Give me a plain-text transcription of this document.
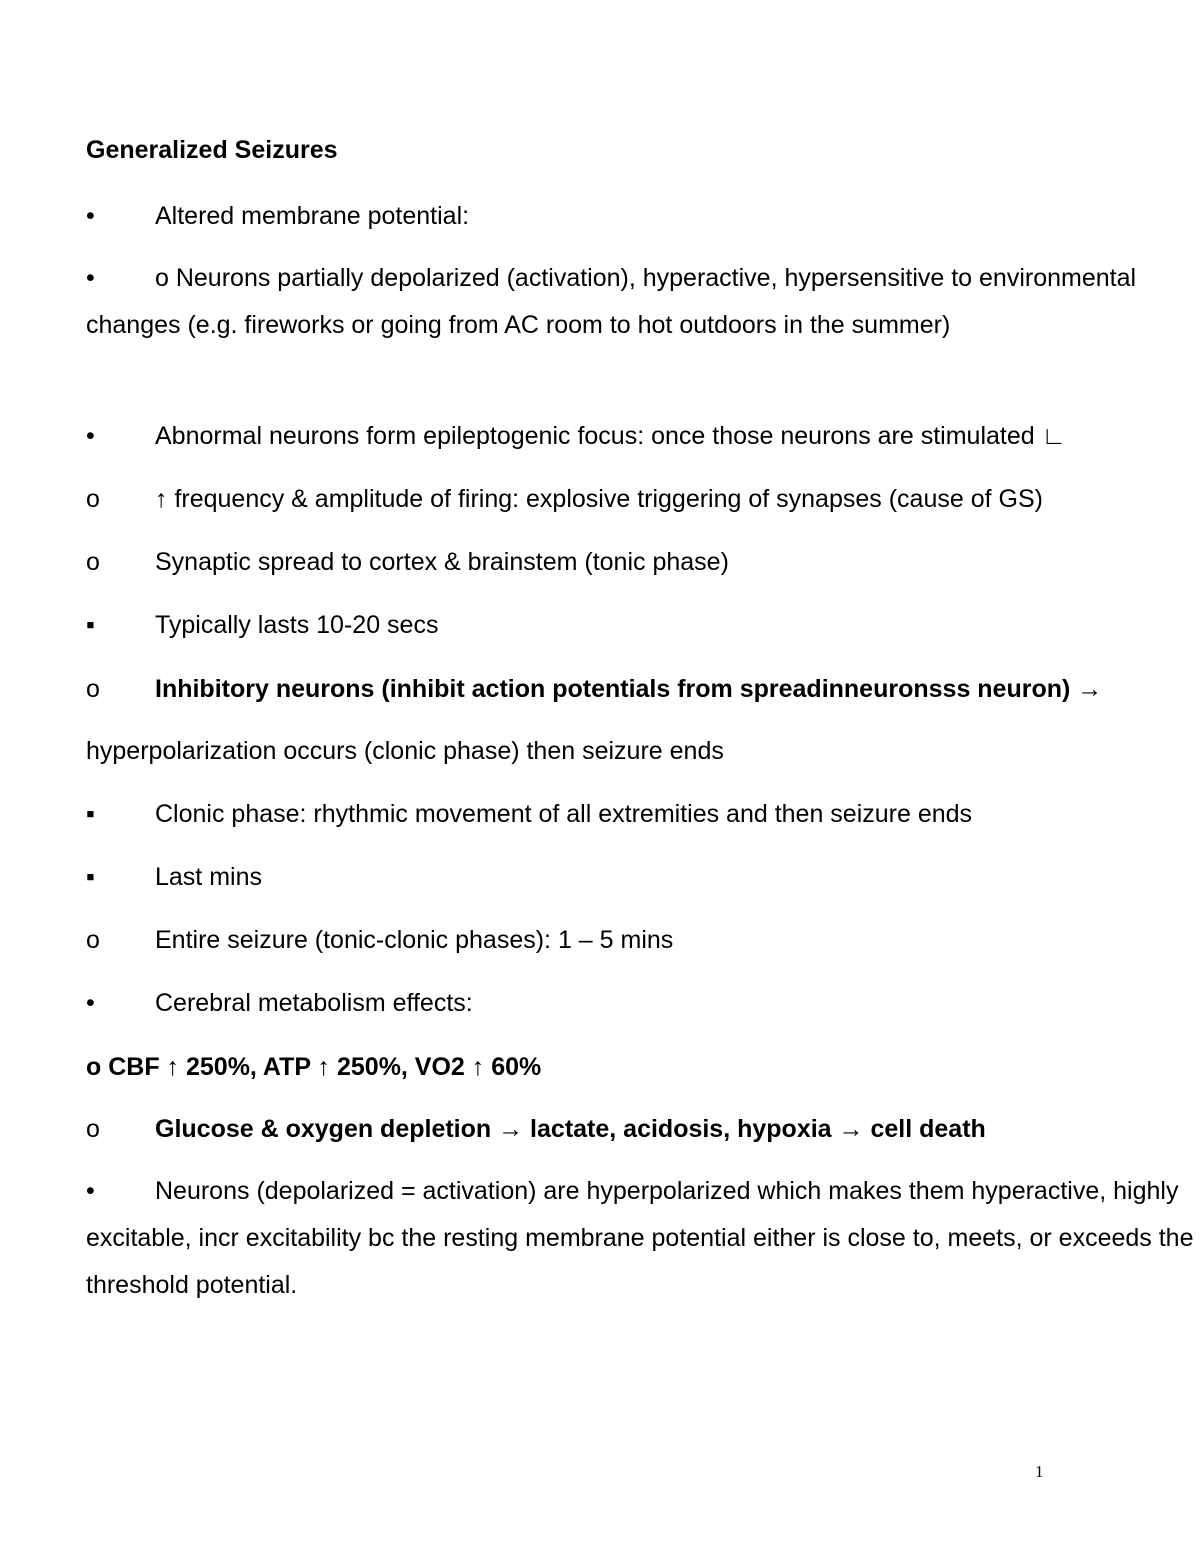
Generalized Seizures
• Altered membrane potential:
• o Neurons partially depolarized (activation), hyperactive, hypersensitive to environmental changes (e.g. fireworks or going from AC room to hot outdoors in the summer)
• Abnormal neurons form epileptogenic focus: once those neurons are stimulated ∟
o ↑ frequency & amplitude of firing: explosive triggering of synapses (cause of GS)
o Synaptic spread to cortex & brainstem (tonic phase)
▪ Typically lasts 10-20 secs
o Inhibitory neurons (inhibit action potentials from spreadinneuronsss neuron) →
hyperpolarization occurs (clonic phase) then seizure ends
▪ Clonic phase: rhythmic movement of all extremities and then seizure ends
▪ Last mins
o Entire seizure (tonic-clonic phases): 1 – 5 mins
• Cerebral metabolism effects:
o CBF ↑ 250%, ATP ↑ 250%, VO2 ↑ 60%
o Glucose & oxygen depletion → lactate, acidosis, hypoxia → cell death
• Neurons (depolarized = activation) are hyperpolarized which makes them hyperactive, highly excitable, incr excitability bc the resting membrane potential either is close to, meets, or exceeds the threshold potential.
1
